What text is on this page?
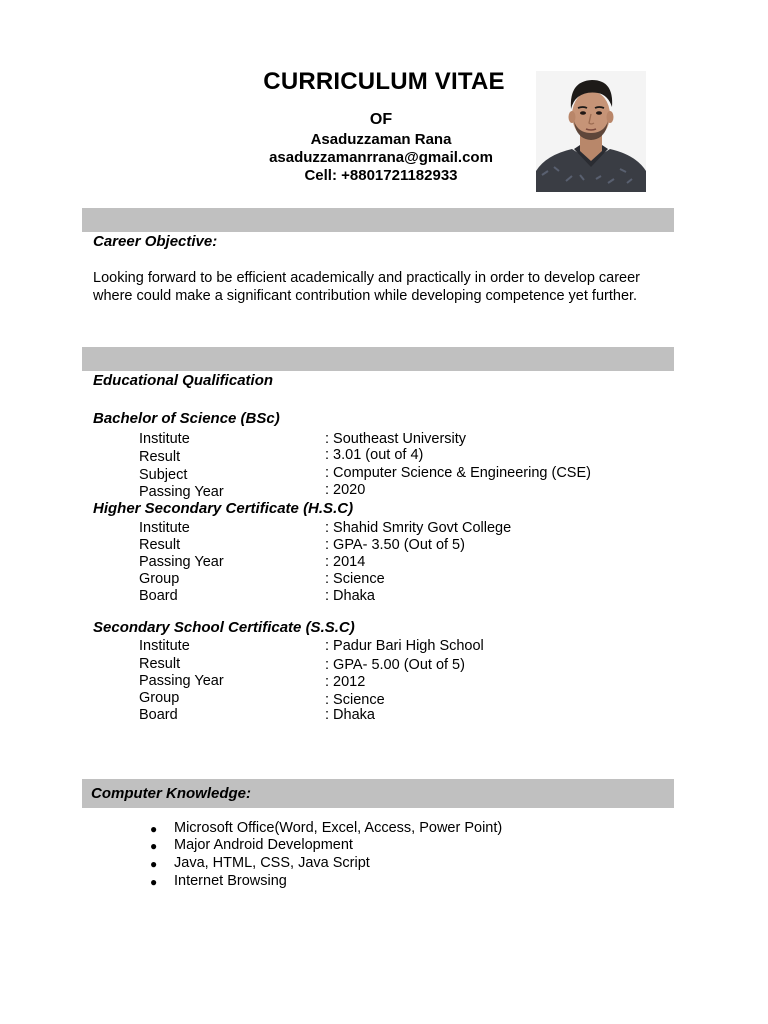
CURRICULUM VITAE
OF
Asaduzzaman Rana
asaduzzamanrrana@gmail.com
Cell: +8801721182933
Career Objective:
Looking forward to be efficient academically and practically in order to develop career where could make a significant contribution while developing competence yet further.
Educational Qualification
Bachelor of Science (BSc)
Institute	: Southeast University
Result	: 3.01 (out of 4)
Subject	: Computer Science & Engineering (CSE)
Passing Year	: 2020
Higher Secondary Certificate (H.S.C)
Institute	: Shahid Smrity Govt College
Result	: GPA- 3.50 (Out of 5)
Passing Year	: 2014
Group	: Science
Board	: Dhaka
Secondary School Certificate (S.S.C)
Institute	: Padur Bari High School
Result	: GPA- 5.00 (Out of 5)
Passing Year	: 2012
Group	: Science
Board	: Dhaka
Computer Knowledge:
● Microsoft Office(Word, Excel, Access, Power Point)
● Major Android Development
● Java, HTML, CSS, Java Script
● Internet Browsing
